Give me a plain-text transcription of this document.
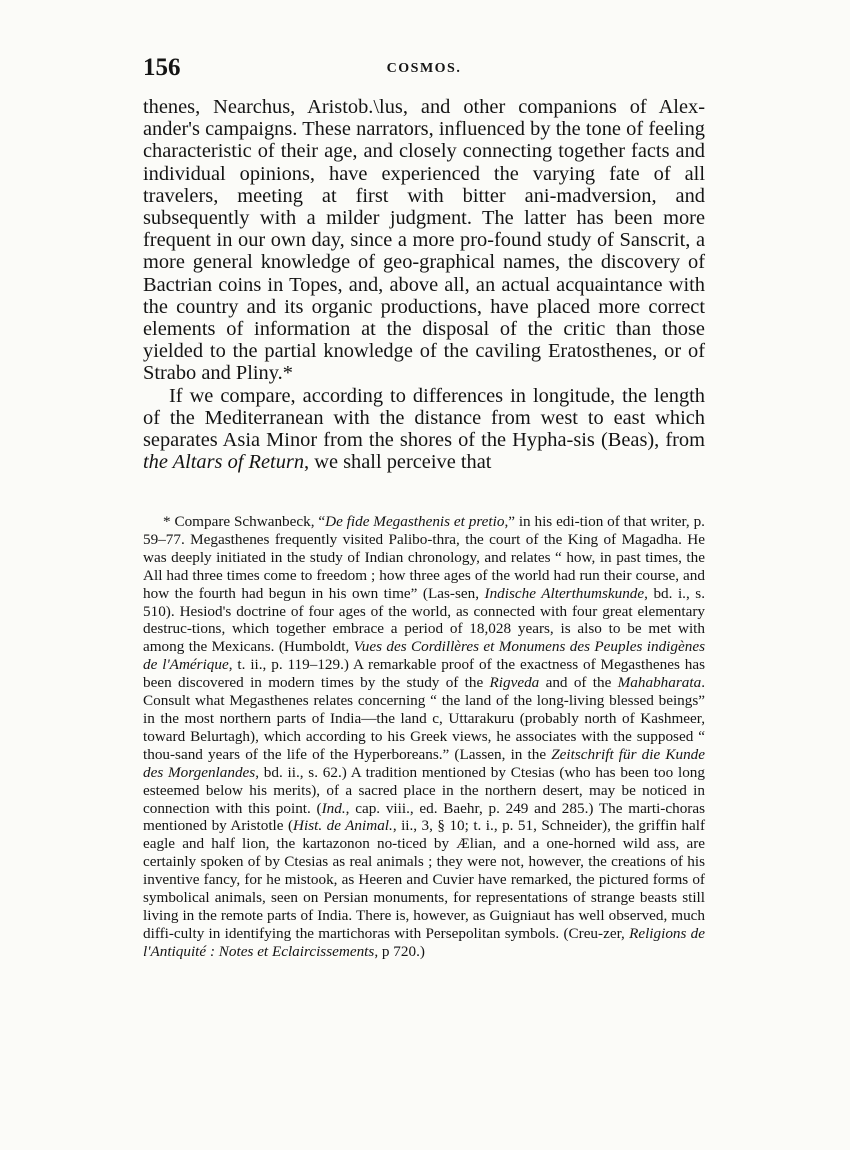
156	COSMOS.

thenes, Nearchus, Aristob.\lus, and other companions of Alex-ander's campaigns. These narrators, influenced by the tone of feeling characteristic of their age, and closely connecting together facts and individual opinions, have experienced the varying fate of all travelers, meeting at first with bitter ani-madversion, and subsequently with a milder judgment. The latter has been more frequent in our own day, since a more pro-found study of Sanscrit, a more general knowledge of geo-graphical names, the discovery of Bactrian coins in Topes, and, above all, an actual acquaintance with the country and its organic productions, have placed more correct elements of information at the disposal of the critic than those yielded to the partial knowledge of the caviling Eratosthenes, or of Strabo and Pliny.*

If we compare, according to differences in longitude, the length of the Mediterranean with the distance from west to east which separates Asia Minor from the shores of the Hypha-sis (Beas), from the Altars of Return, we shall perceive that

* Compare Schwanbeck, “De fide Megasthenis et pretio,” in his edi-tion of that writer, p. 59–77. Megasthenes frequently visited Palibo-thra, the court of the King of Magadha. He was deeply initiated in the study of Indian chronology, and relates “ how, in past times, the All had three times come to freedom ; how three ages of the world had run their course, and how the fourth had begun in his own time” (Las-sen, Indische Alterthumskunde, bd. i., s. 510). Hesiod's doctrine of four ages of the world, as connected with four great elementary destruc-tions, which together embrace a period of 18,028 years, is also to be met with among the Mexicans. (Humboldt, Vues des Cordillères et Monumens des Peuples indigènes de l'Amérique, t. ii., p. 119–129.) A remarkable proof of the exactness of Megasthenes has been discovered in modern times by the study of the Rigveda and of the Mahabharata. Consult what Megasthenes relates concerning “ the land of the long-living blessed beings” in the most northern parts of India—the land c, Uttarakuru (probably north of Kashmeer, toward Belurtagh), which according to his Greek views, he associates with the supposed “ thou-sand years of the life of the Hyperboreans.” (Lassen, in the Zeitschrift für die Kunde des Morgenlandes, bd. ii., s. 62.) A tradition mentioned by Ctesias (who has been too long esteemed below his merits), of a sacred place in the northern desert, may be noticed in connection with this point. (Ind., cap. viii., ed. Baehr, p. 249 and 285.) The marti-choras mentioned by Aristotle (Hist. de Animal., ii., 3, § 10; t. i., p. 51, Schneider), the griffin half eagle and half lion, the kartazonon no-ticed by Ælian, and a one-horned wild ass, are certainly spoken of by Ctesias as real animals ; they were not, however, the creations of his inventive fancy, for he mistook, as Heeren and Cuvier have remarked, the pictured forms of symbolical animals, seen on Persian monuments, for representations of strange beasts still living in the remote parts of India. There is, however, as Guigniaut has well observed, much diffi-culty in identifying the martichoras with Persepolitan symbols. (Creu-zer, Religions de l'Antiquité : Notes et Eclaircissements, p 720.)
